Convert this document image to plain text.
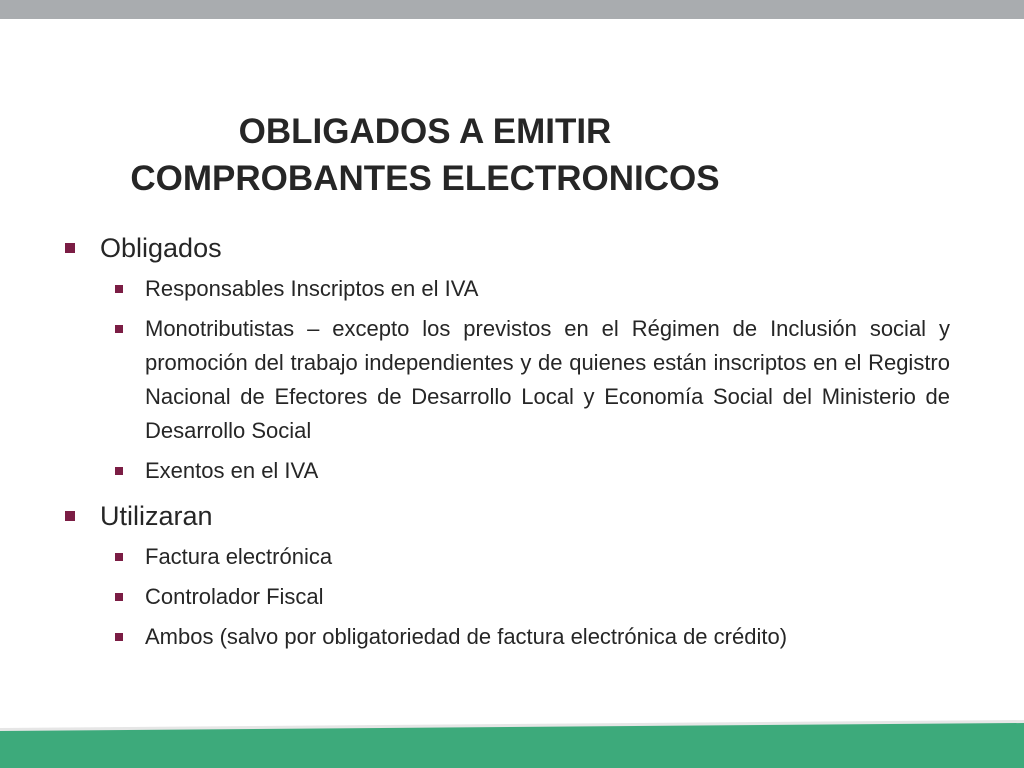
OBLIGADOS A EMITIR
COMPROBANTES ELECTRONICOS
Obligados
Responsables Inscriptos en el IVA
Monotributistas – excepto los previstos en el Régimen de Inclusión social y promoción del trabajo independientes y de quienes están inscriptos en el Registro Nacional de Efectores de Desarrollo Local y Economía Social del Ministerio de Desarrollo Social
Exentos en el IVA
Utilizaran
Factura electrónica
Controlador Fiscal
Ambos (salvo por obligatoriedad de factura electrónica de crédito)
